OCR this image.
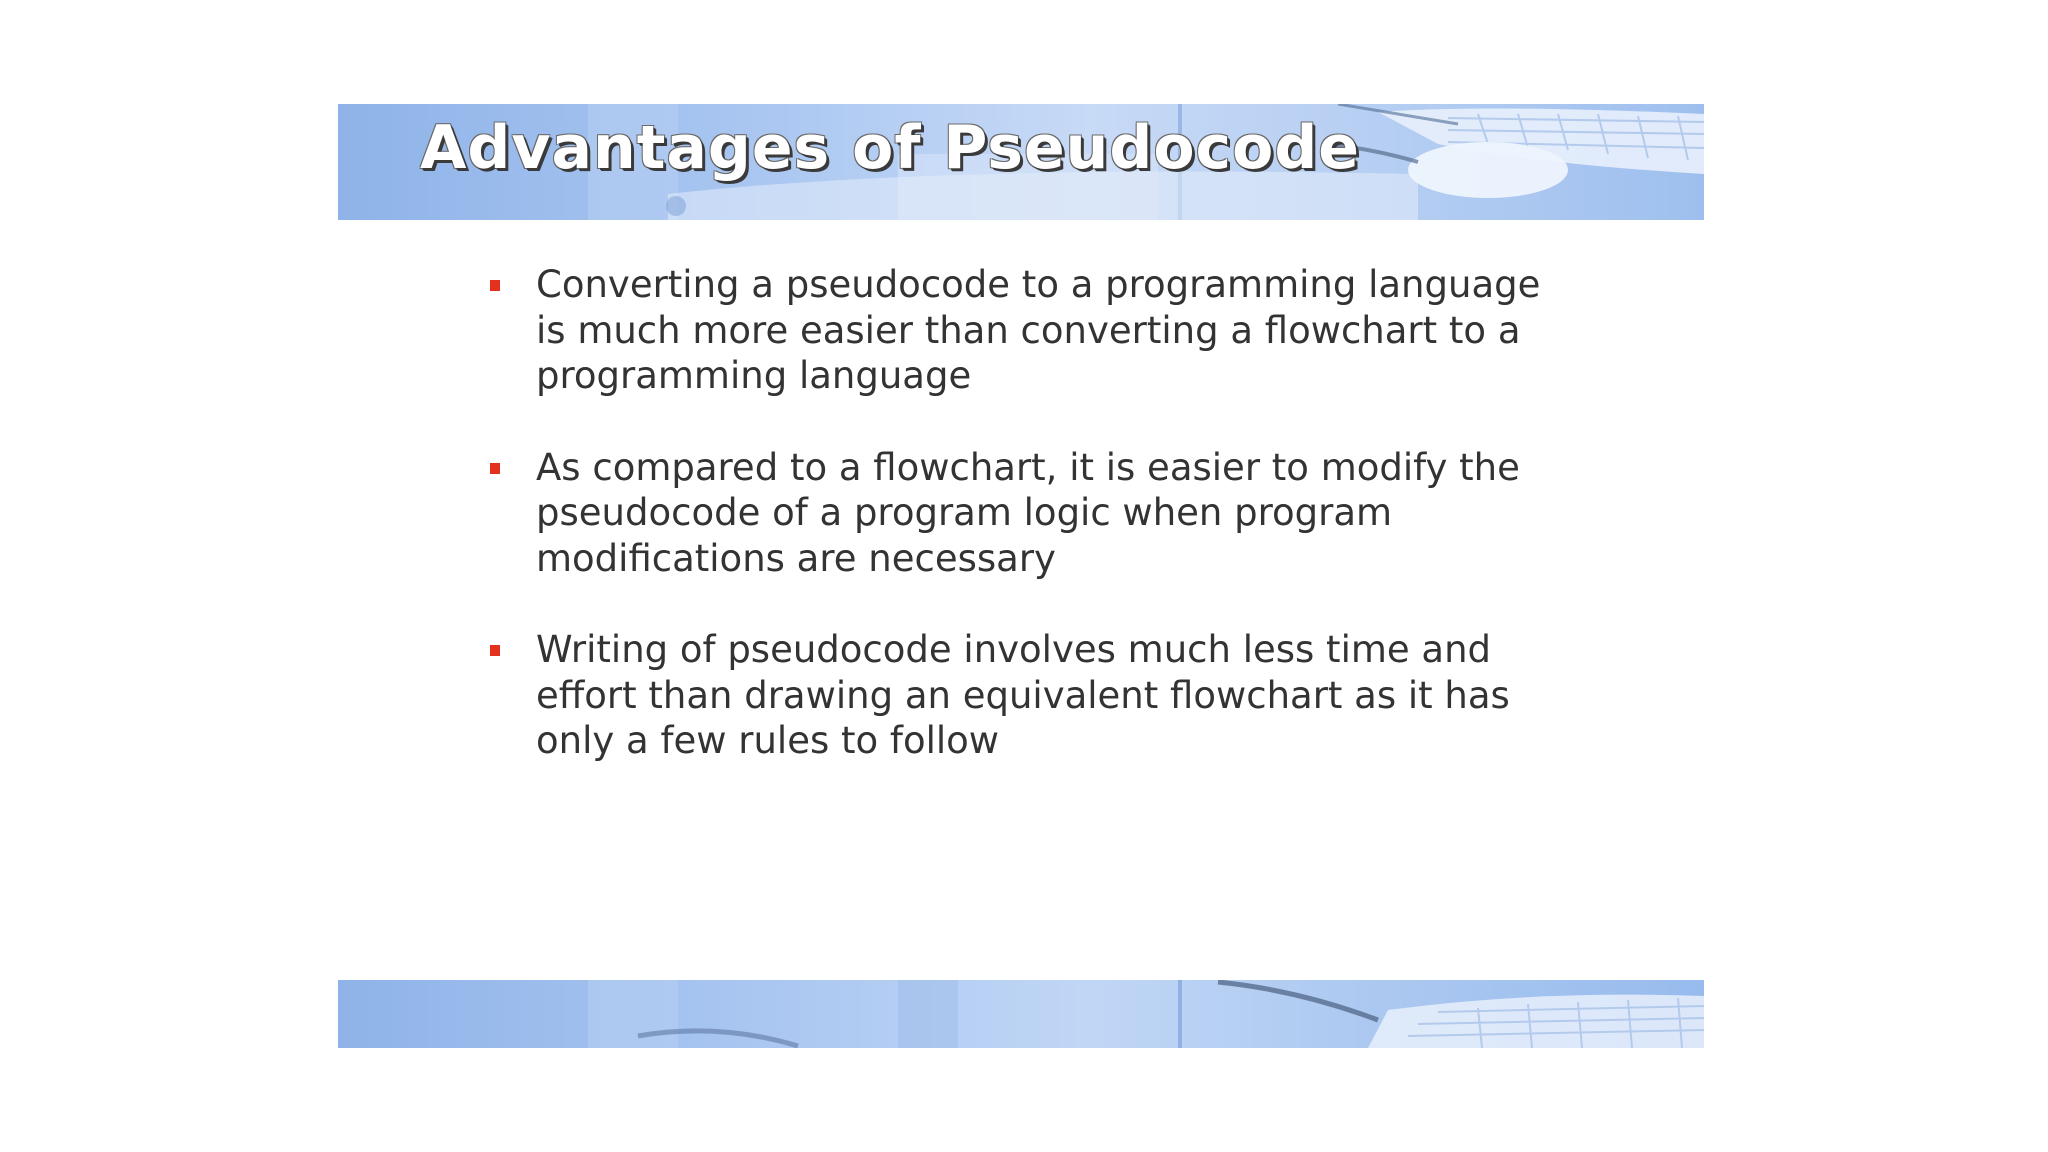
Advantages of Pseudocode
Converting a pseudocode to a programming language is much more easier than converting a flowchart to a programming language
As compared to a flowchart, it is easier to modify the pseudocode of a program logic when program modifications are necessary
Writing of pseudocode involves much less time and effort than drawing an equivalent flowchart as it has only a few rules to follow
